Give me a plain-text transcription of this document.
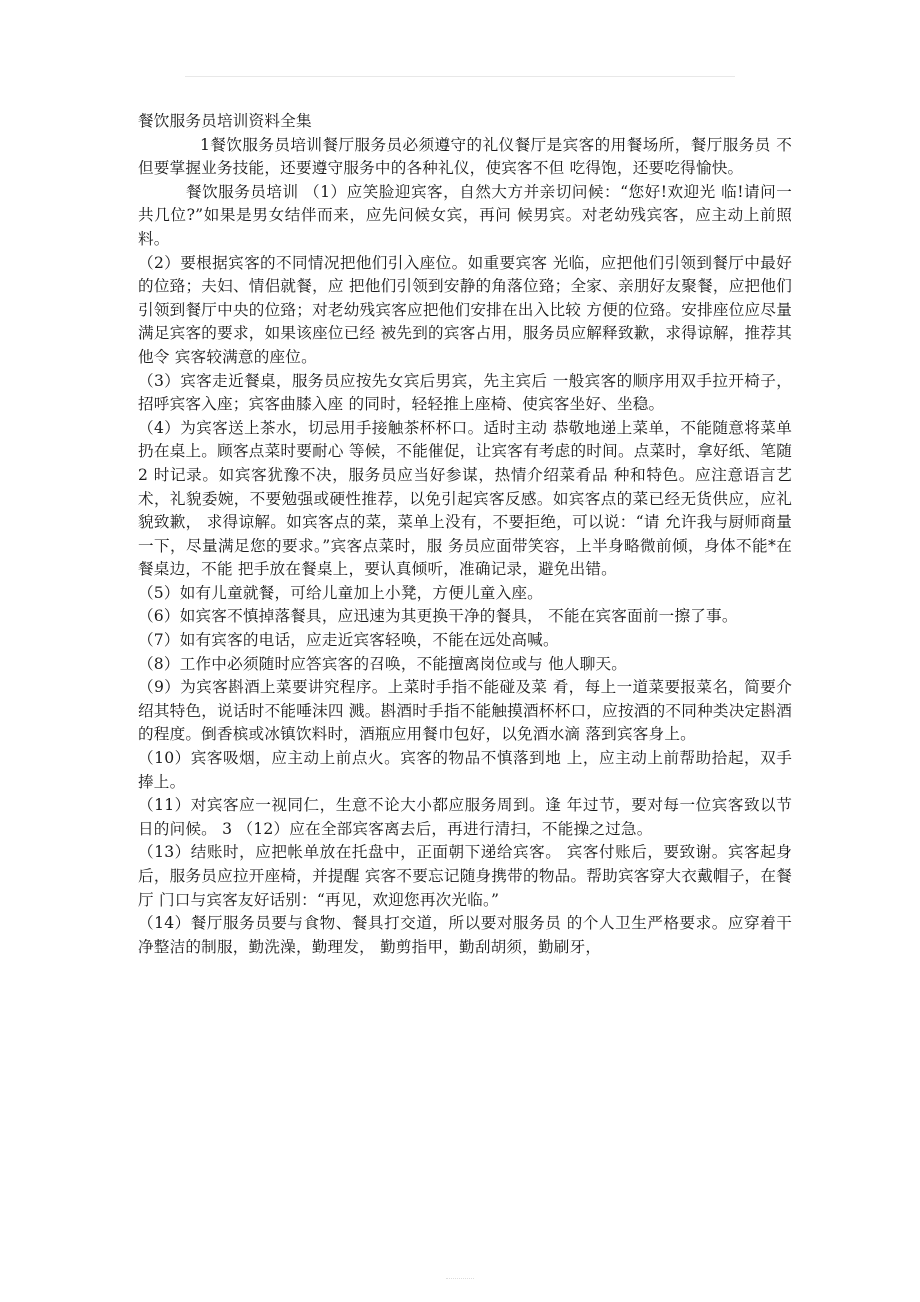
餐饮服务员培训资料全集

1餐饮服务员培训餐厅服务员必须遵守的礼仪餐厅是宾客的用餐场所，餐厅服务员 不但要掌握业务技能，还要遵守服务中的各种礼仪，使宾客不但 吃得饱，还要吃得愉快。

餐饮服务员培训 （1）应笑脸迎宾客，自然大方并亲切问候：“您好!欢迎光 临!请问一共几位?”如果是男女结伴而来，应先问候女宾，再问 候男宾。对老幼残宾客，应主动上前照料。

（2）要根据宾客的不同情况把他们引入座位。如重要宾客 光临，应把他们引领到餐厅中最好的位臵；夫妇、情侣就餐，应 把他们引领到安静的角落位臵；全家、亲朋好友聚餐，应把他们 引领到餐厅中央的位臵；对老幼残宾客应把他们安排在出入比较 方便的位臵。安排座位应尽量满足宾客的要求，如果该座位已经 被先到的宾客占用，服务员应解释致歉，求得谅解，推荐其他令 宾客较满意的座位。

（3）宾客走近餐桌，服务员应按先女宾后男宾，先主宾后 一般宾客的顺序用双手拉开椅子，招呼宾客入座；宾客曲膝入座 的同时，轻轻推上座椅、使宾客坐好、坐稳。

（4）为宾客送上茶水，切忌用手接触茶杯杯口。适时主动 恭敬地递上菜单，不能随意将菜单扔在桌上。顾客点菜时要耐心 等候，不能催促，让宾客有考虑的时间。点菜时，拿好纸、笔随 2 时记录。如宾客犹豫不决，服务员应当好参谋，热情介绍菜肴品 种和特色。应注意语言艺术，礼貌委婉，不要勉强或硬性推荐，以免引起宾客反感。如宾客点的菜已经无货供应，应礼貌致歉， 求得谅解。如宾客点的菜，菜单上没有，不要拒绝，可以说：“请 允许我与厨师商量一下，尽量满足您的要求。”宾客点菜时，服 务员应面带笑容，上半身略微前倾，身体不能*在餐桌边，不能 把手放在餐桌上，要认真倾听，准确记录，避免出错。

（5）如有儿童就餐，可给儿童加上小凳，方便儿童入座。

（6）如宾客不慎掉落餐具，应迅速为其更换干净的餐具， 不能在宾客面前一擦了事。

（7）如有宾客的电话，应走近宾客轻唤，不能在远处高喊。

（8）工作中必须随时应答宾客的召唤，不能擅离岗位或与 他人聊天。

（9）为宾客斟酒上菜要讲究程序。上菜时手指不能碰及菜 肴，每上一道菜要报菜名，简要介绍其特色，说话时不能唾沫四 溅。斟酒时手指不能触摸酒杯杯口，应按酒的不同种类决定斟酒 的程度。倒香槟或冰镇饮料时，酒瓶应用餐巾包好，以免酒水滴 落到宾客身上。

（10）宾客吸烟，应主动上前点火。宾客的物品不慎落到地 上，应主动上前帮助拾起，双手捧上。

（11）对宾客应一视同仁，生意不论大小都应服务周到。逢 年过节，要对每一位宾客致以节日的问候。 3 （12）应在全部宾客离去后，再进行清扫，不能操之过急。

（13）结账时，应把帐单放在托盘中，正面朝下递给宾客。 宾客付账后，要致谢。宾客起身后，服务员应拉开座椅，并提醒 宾客不要忘记随身携带的物品。帮助宾客穿大衣戴帽子，在餐厅 门口与宾客友好话别：“再见，欢迎您再次光临。”

（14）餐厅服务员要与食物、餐具打交道，所以要对服务员 的个人卫生严格要求。应穿着干净整洁的制服，勤洗澡，勤理发， 勤剪指甲，勤刮胡须，勤刷牙，
